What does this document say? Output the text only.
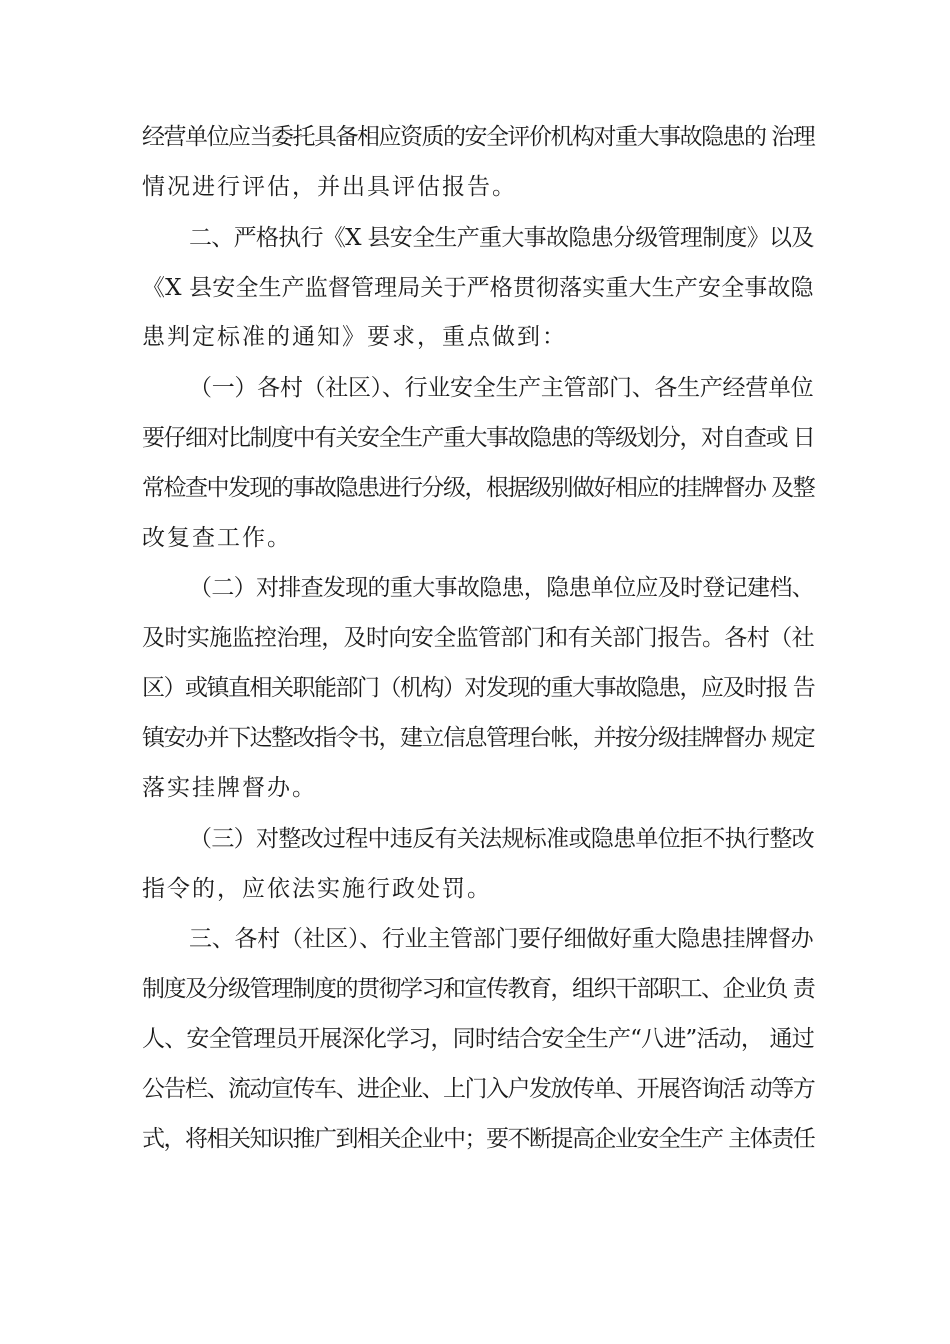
经营单位应当委托具备相应资质的安全评价机构对重大事故隐患的 治理
情况进行评估，并出具评估报告。
二、严格执行《X 县安全生产重大事故隐患分级管理制度》以及
《X 县安全生产监督管理局关于严格贯彻落实重大生产安全事故隐
患判定标准的通知》要求，重点做到：
（一）各村（社区）、行业安全生产主管部门、各生产经营单位
要仔细对比制度中有关安全生产重大事故隐患的等级划分，对自查或 日
常检查中发现的事故隐患进行分级，根据级别做好相应的挂牌督办 及整
改复查工作。
（二）对排查发现的重大事故隐患，隐患单位应及时登记建档、
及时实施监控治理，及时向安全监管部门和有关部门报告。各村（社
区）或镇直相关职能部门（机构）对发现的重大事故隐患，应及时报 告
镇安办并下达整改指令书，建立信息管理台帐，并按分级挂牌督办 规定
落实挂牌督办。
（三）对整改过程中违反有关法规标准或隐患单位拒不执行整改
指令的，应依法实施行政处罚。
三、各村（社区）、行业主管部门要仔细做好重大隐患挂牌督办
制度及分级管理制度的贯彻学习和宣传教育，组织干部职工、企业负 责
人、安全管理员开展深化学习，同时结合安全生产“八进”活动， 通过
公告栏、流动宣传车、进企业、上门入户发放传单、开展咨询活 动等方
式，将相关知识推广到相关企业中；要不断提高企业安全生产 主体责任
